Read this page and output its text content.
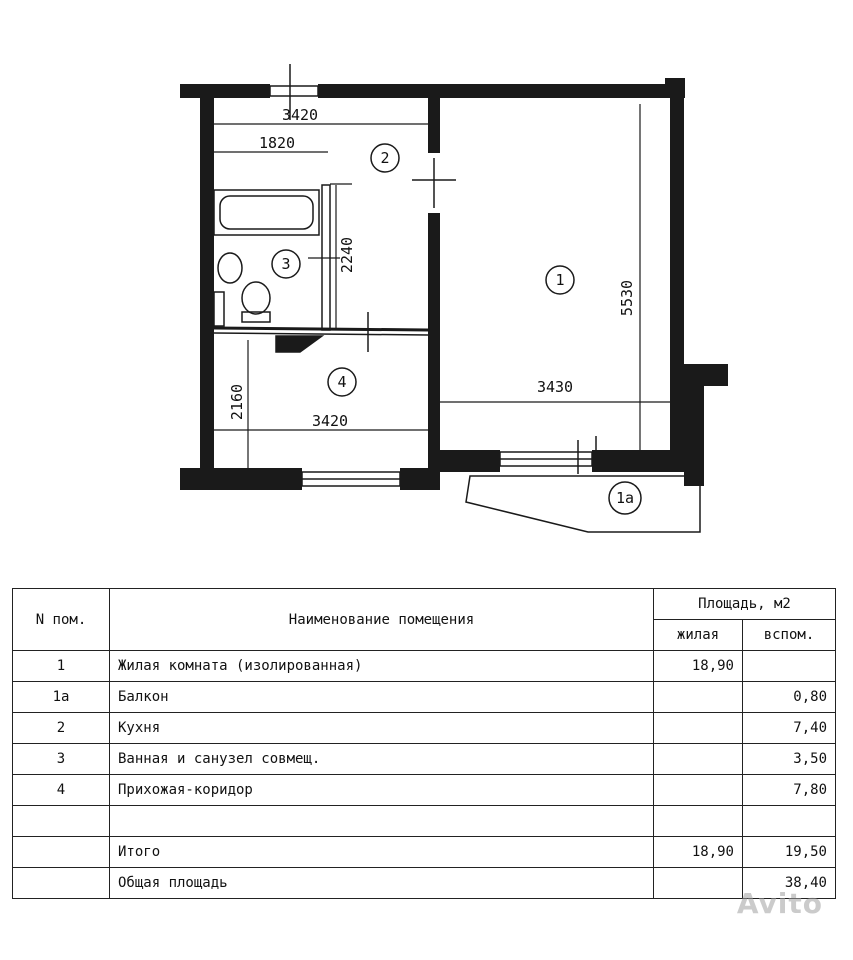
3420
1820
2240
2160
3420
3430
5530
1
2
3
4
1a
N пом.	Наименование помещения	Площадь, м2	
		жилая	вспом.
1	Жилая комната (изолированная)	18,90	
1a	Балкон		0,80
2	Кухня		7,40
3	Ванная и санузел совмещ.		3,50
4	Прихожая-коридор		7,80

	Итого	18,90	19,50
	Общая площадь		38,40
Avito
